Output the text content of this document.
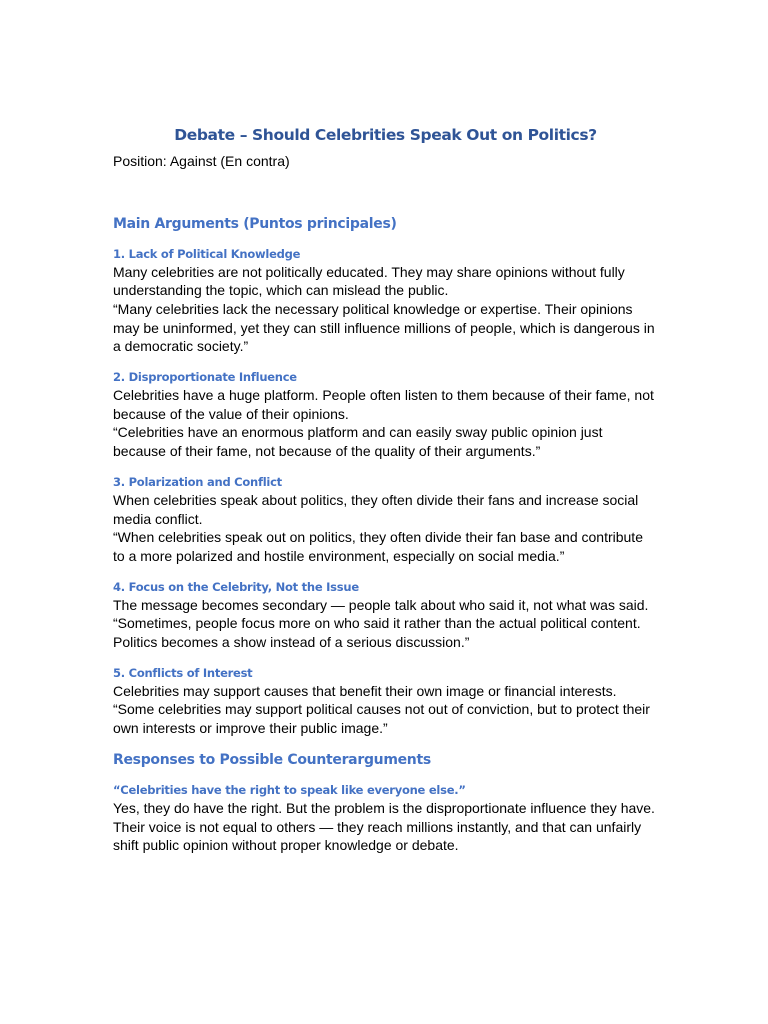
Debate – Should Celebrities Speak Out on Politics?

Position: Against (En contra)

Main Arguments (Puntos principales)
1. Lack of Political Knowledge

Many celebrities are not politically educated. They may share opinions without fully understanding the topic, which can mislead the public.

“Many celebrities lack the necessary political knowledge or expertise. Their opinions may be uninformed, yet they can still influence millions of people, which is dangerous in a democratic society.”

2. Disproportionate Influence

Celebrities have a huge platform. People often listen to them because of their fame, not because of the value of their opinions.

“Celebrities have an enormous platform and can easily sway public opinion just because of their fame, not because of the quality of their arguments.”

3. Polarization and Conflict

When celebrities speak about politics, they often divide their fans and increase social media conflict.

“When celebrities speak out on politics, they often divide their fan base and contribute to a more polarized and hostile environment, especially on social media.”

4. Focus on the Celebrity, Not the Issue

The message becomes secondary — people talk about who said it, not what was said.

“Sometimes, people focus more on who said it rather than the actual political content. Politics becomes a show instead of a serious discussion.”

5. Conflicts of Interest

Celebrities may support causes that benefit their own image or financial interests.

“Some celebrities may support political causes not out of conviction, but to protect their own interests or improve their public image.”

Responses to Possible Counterarguments
“Celebrities have the right to speak like everyone else.”

Yes, they do have the right. But the problem is the disproportionate influence they have. Their voice is not equal to others — they reach millions instantly, and that can unfairly shift public opinion without proper knowledge or debate.
